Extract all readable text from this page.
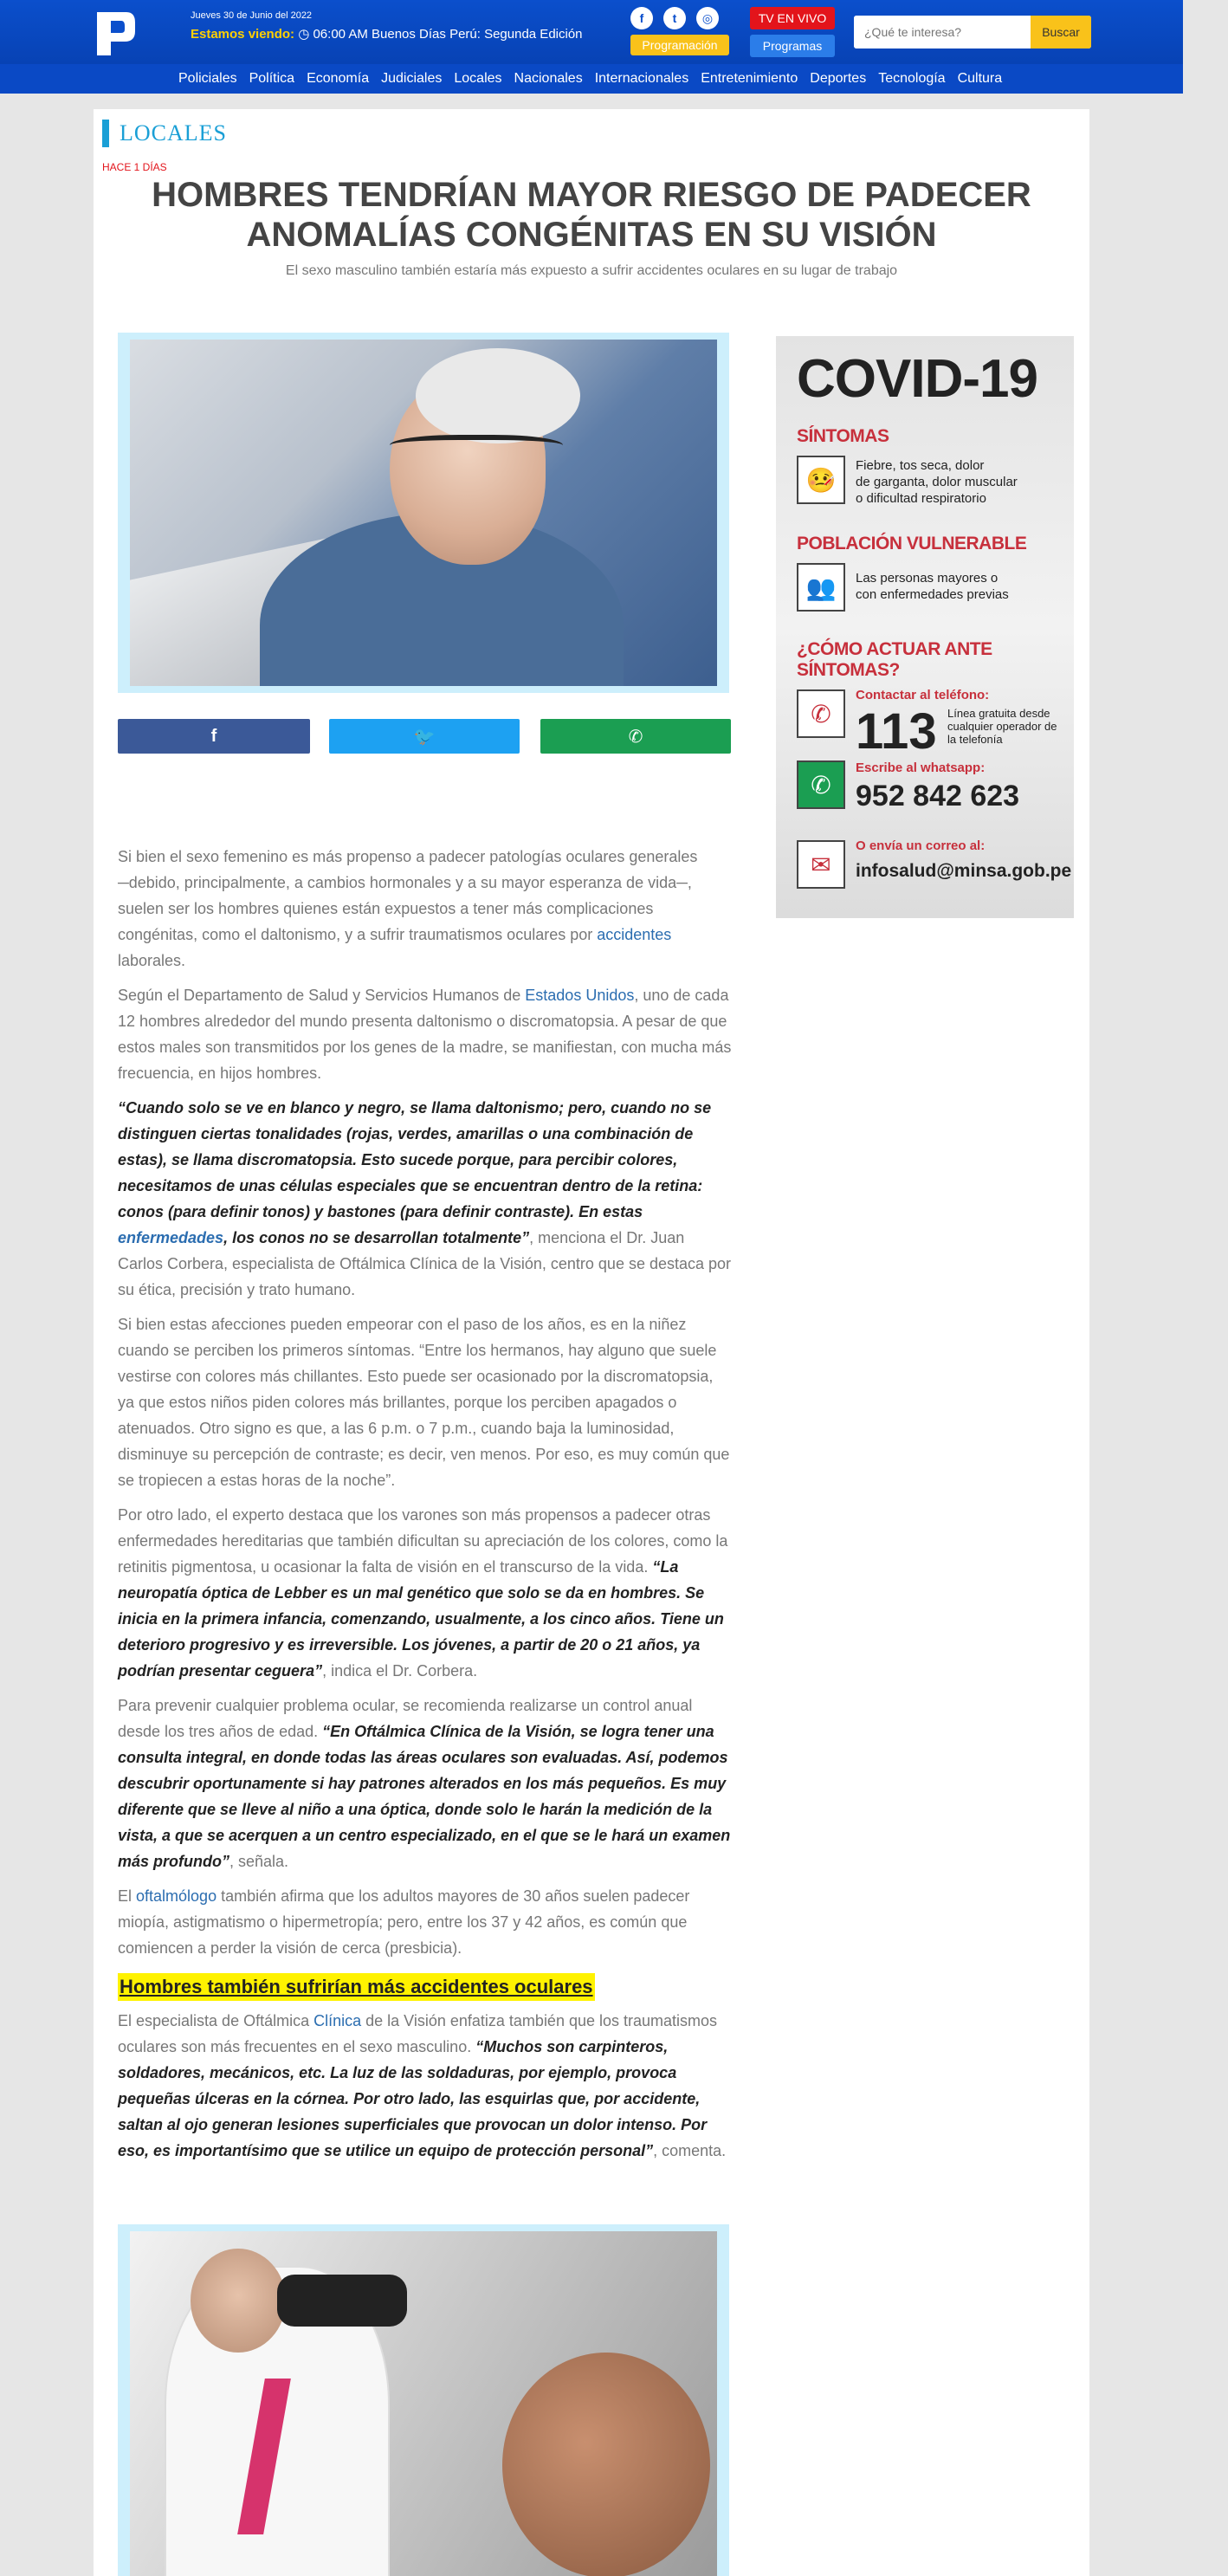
Jueves 30 de Junio del 2022
Estamos viendo: ◷ 06:00 AM Buenos Días Perú: Segunda Edición
f	t	◎
Programación
TV EN VIVO
Programas
¿Qué te interesa?
Buscar
Policiales Política Economía Judiciales Locales Nacionales Internacionales Entretenimiento Deportes Tecnología Cultura
LOCALES
HACE 1 DÍAS
HOMBRES TENDRÍAN MAYOR RIESGO DE PADECER
ANOMALÍAS CONGÉNITAS EN SU VISIÓN
El sexo masculino también estaría más expuesto a sufrir accidentes oculares en su lugar de trabajo
f	🐦	✆

Si bien el sexo femenino es más propenso a padecer patologías oculares generales ─debido, principalmente, a cambios hormonales y a su mayor esperanza de vida─, suelen ser los hombres quienes están expuestos a tener más complicaciones congénitas, como el daltonismo, y a sufrir traumatismos oculares por accidentes laborales.

Según el Departamento de Salud y Servicios Humanos de Estados Unidos, uno de cada 12 hombres alrededor del mundo presenta daltonismo o discromatopsia. A pesar de que estos males son transmitidos por los genes de la madre, se manifiestan, con mucha más frecuencia, en hijos hombres.

“Cuando solo se ve en blanco y negro, se llama daltonismo; pero, cuando no se distinguen ciertas tonalidades (rojas, verdes, amarillas o una combinación de estas), se llama discromatopsia. Esto sucede porque, para percibir colores, necesitamos de unas células especiales que se encuentran dentro de la retina: conos (para definir tonos) y bastones (para definir contraste). En estas enfermedades, los conos no se desarrollan totalmente”, menciona el Dr. Juan Carlos Corbera, especialista de Oftálmica Clínica de la Visión, centro que se destaca por su ética, precisión y trato humano.

Si bien estas afecciones pueden empeorar con el paso de los años, es en la niñez cuando se perciben los primeros síntomas. “Entre los hermanos, hay alguno que suele vestirse con colores más chillantes. Esto puede ser ocasionado por la discromatopsia, ya que estos niños piden colores más brillantes, porque los perciben apagados o atenuados. Otro signo es que, a las 6 p.m. o 7 p.m., cuando baja la luminosidad, disminuye su percepción de contraste; es decir, ven menos. Por eso, es muy común que se tropiecen a estas horas de la noche”.

Por otro lado, el experto destaca que los varones son más propensos a padecer otras enfermedades hereditarias que también dificultan su apreciación de los colores, como la retinitis pigmentosa, u ocasionar la falta de visión en el transcurso de la vida. “La neuropatía óptica de Lebber es un mal genético que solo se da en hombres. Se inicia en la primera infancia, comenzando, usualmente, a los cinco años. Tiene un deterioro progresivo y es irreversible. Los jóvenes, a partir de 20 o 21 años, ya podrían presentar ceguera”, indica el Dr. Corbera.

Para prevenir cualquier problema ocular, se recomienda realizarse un control anual desde los tres años de edad. “En Oftálmica Clínica de la Visión, se logra tener una consulta integral, en donde todas las áreas oculares son evaluadas. Así, podemos descubrir oportunamente si hay patrones alterados en los más pequeños. Es muy diferente que se lleve al niño a una óptica, donde solo le harán la medición de la vista, a que se acerquen a un centro especializado, en el que se le hará un examen más profundo”, señala.

El oftalmólogo también afirma que los adultos mayores de 30 años suelen padecer miopía, astigmatismo o hipermetropía; pero, entre los 37 y 42 años, es común que comiencen a perder la visión de cerca (presbicia).

Hombres también sufrirían más accidentes oculares

El especialista de Oftálmica Clínica de la Visión enfatiza también que los traumatismos oculares son más frecuentes en el sexo masculino. “Muchos son carpinteros, soldadores, mecánicos, etc. La luz de las soldaduras, por ejemplo, provoca pequeñas úlceras en la córnea. Por otro lado, las esquirlas que, por accidente, saltan al ojo generan lesiones superficiales que provocan un dolor intenso. Por eso, es importantísimo que se utilice un equipo de protección personal”, comenta.

COVID-19
SÍNTOMAS
🤒
Fiebre, tos seca, dolor
de garganta, dolor muscular
o dificultad respiratorio
POBLACIÓN VULNERABLE
👥	Las personas mayores o
con enfermedades previas
¿CÓMO ACTUAR ANTE SÍNTOMAS?
✆
Contactar al teléfono:
113 Línea gratuita desde cualquier operador de la telefonía
✆
Escribe al whatsapp:
952 842 623
✉
O envía un correo al:
infosalud@minsa.gob.pe
